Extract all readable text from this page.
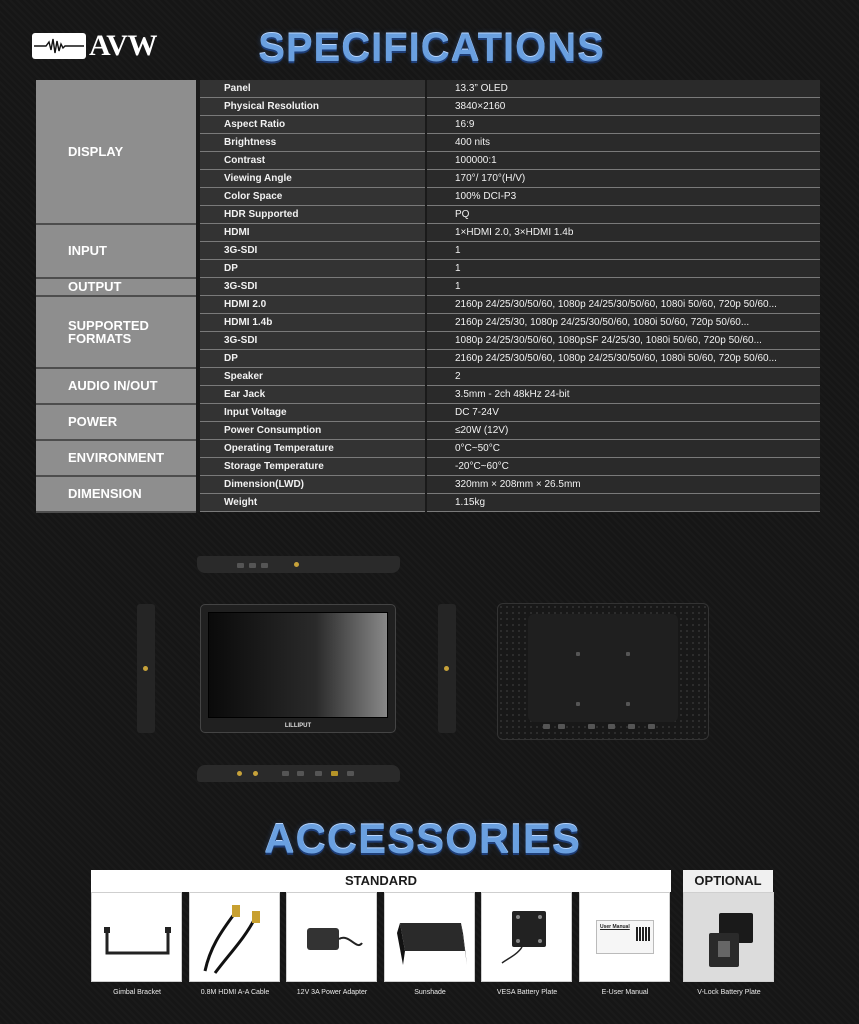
AVW	SPECIFICATIONS
DISPLAY		Panel	13.3” OLED
		Physical Resolution	3840×2160
		Aspect Ratio	16:9
		Brightness	400 nits
		Contrast	100000:1
		Viewing Angle	170°/ 170°(H/V)
		Color Space	100% DCI-P3
		HDR Supported	PQ
INPUT		HDMI	1×HDMI 2.0, 3×HDMI 1.4b
		3G-SDI	1
		DP	1
OUTPUT		3G-SDI	1
SUPPORTED
FORMATS		HDMI 2.0	2160p 24/25/30/50/60, 1080p 24/25/30/50/60, 1080i 50/60, 720p 50/60...
		HDMI 1.4b	2160p 24/25/30, 1080p 24/25/30/50/60, 1080i 50/60, 720p 50/60...
		3G-SDI	1080p 24/25/30/50/60, 1080pSF 24/25/30, 1080i 50/60, 720p 50/60...
		DP	2160p 24/25/30/50/60, 1080p 24/25/30/50/60, 1080i 50/60, 720p 50/60...
AUDIO IN/OUT		Speaker	2
		Ear Jack	3.5mm - 2ch 48kHz 24-bit
POWER		Input Voltage	DC 7-24V
		Power Consumption	≤20W (12V)
ENVIRONMENT		Operating Temperature	0°C~50°C
		Storage Temperature	-20°C~60°C
DIMENSION		Dimension(LWD)	320mm × 208mm × 26.5mm
		Weight	1.15kg
LILLIPUT
ACCESSORIES
STANDARD	OPTIONAL
User Manual
Gimbal Bracket	0.8M HDMI A-A Cable	12V 3A Power Adapter	Sunshade	VESA Battery Plate	E-User Manual	V-Lock Battery Plate
